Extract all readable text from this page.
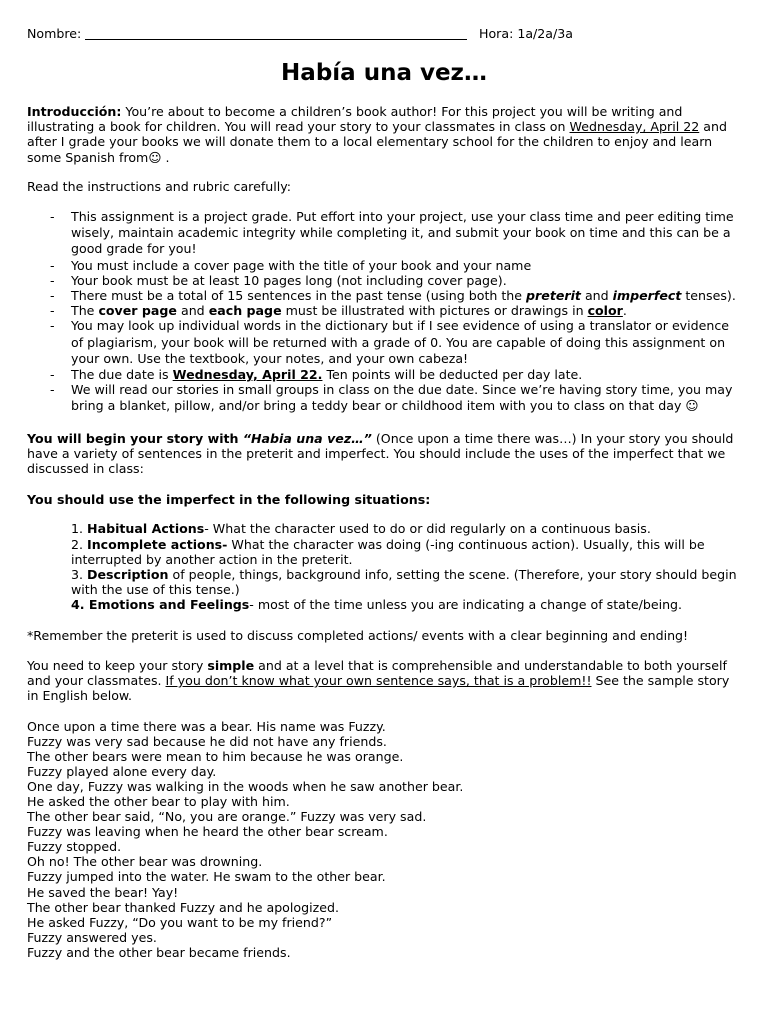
Nombre:	Hora: 1a/2a/3a
Había una vez…

Introducción: You’re about to become a children’s book author! For this project you will be writing and illustrating a book for children. You will read your story to your classmates in class on Wednesday, April 22 and after I grade your books we will donate them to a local elementary school for the children to enjoy and learn some Spanish from☺ .

Read the instructions and rubric carefully:

- This assignment is a project grade. Put effort into your project, use your class time and peer editing time wisely, maintain academic integrity while completing it, and submit your book on time and this can be a good grade for you!
- You must include a cover page with the title of your book and your name
- Your book must be at least 10 pages long (not including cover page).
- There must be a total of 15 sentences in the past tense (using both the preterit and imperfect tenses).
- The cover page and each page must be illustrated with pictures or drawings in color.
- You may look up individual words in the dictionary but if I see evidence of using a translator or evidence of plagiarism, your book will be returned with a grade of 0. You are capable of doing this assignment on your own. Use the textbook, your notes, and your own cabeza!
- The due date is Wednesday, April 22. Ten points will be deducted per day late.
- We will read our stories in small groups in class on the due date. Since we’re having story time, you may bring a blanket, pillow, and/or bring a teddy bear or childhood item with you to class on that day ☺

You will begin your story with “Habia una vez…” (Once upon a time there was…) In your story you should have a variety of sentences in the preterit and imperfect. You should include the uses of the imperfect that we discussed in class:

You should use the imperfect in the following situations:

1. Habitual Actions- What the character used to do or did regularly on a continuous basis.
2. Incomplete actions- What the character was doing (-ing continuous action). Usually, this will be interrupted by another action in the preterit.
3. Description of people, things, background info, setting the scene. (Therefore, your story should begin with the use of this tense.)
4. Emotions and Feelings- most of the time unless you are indicating a change of state/being.

*Remember the preterit is used to discuss completed actions/ events with a clear beginning and ending!

You need to keep your story simple and at a level that is comprehensible and understandable to both yourself and your classmates. If you don’t know what your own sentence says, that is a problem!! See the sample story in English below.

Once upon a time there was a bear. His name was Fuzzy.

Fuzzy was very sad because he did not have any friends.

The other bears were mean to him because he was orange.

Fuzzy played alone every day.

One day, Fuzzy was walking in the woods when he saw another bear.

He asked the other bear to play with him.

The other bear said, “No, you are orange.” Fuzzy was very sad.

Fuzzy was leaving when he heard the other bear scream.

Fuzzy stopped.

Oh no! The other bear was drowning.

Fuzzy jumped into the water. He swam to the other bear.

He saved the bear! Yay!

The other bear thanked Fuzzy and he apologized.

He asked Fuzzy, “Do you want to be my friend?”

Fuzzy answered yes.

Fuzzy and the other bear became friends.
